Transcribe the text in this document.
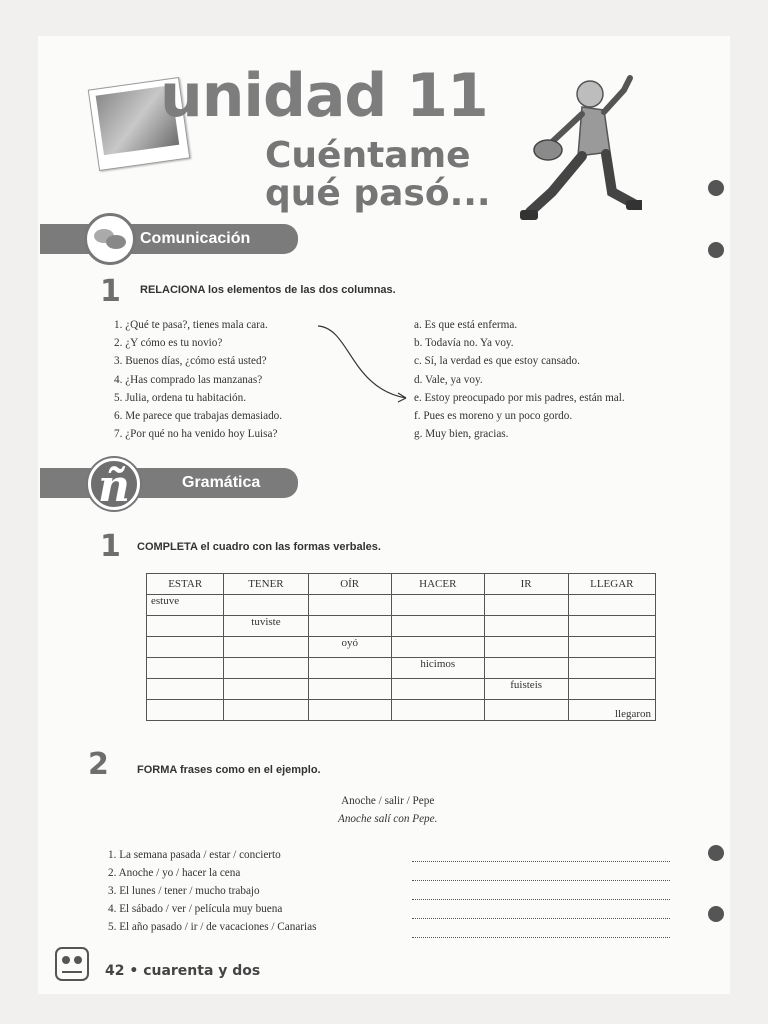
unidad 11
Cuéntame
qué pasó...
Comunicación
1 RELACIONA los elementos de las dos columnas.
1. ¿Qué te pasa?, tienes mala cara.
2. ¿Y cómo es tu novio?
3. Buenos días, ¿cómo está usted?
4. ¿Has comprado las manzanas?
5. Julia, ordena tu habitación.
6. Me parece que trabajas demasiado.
7. ¿Por qué no ha venido hoy Luisa?
a. Es que está enferma.
b. Todavía no. Ya voy.
c. Sí, la verdad es que estoy cansado.
d. Vale, ya voy.
e. Estoy preocupado por mis padres, están mal.
f. Pues es moreno y un poco gordo.
g. Muy bien, gracias.
Gramática
ñ
1 COMPLETA el cuadro con las formas verbales.
ESTAR	TENER	OÍR	HACER	IR	LLEGAR
estuve					
	tuviste				
		oyó			
			hicimos		
				fuisteis	
					llegaron
2	FORMA frases como en el ejemplo.
Anoche / salir / Pepe
Anoche salí con Pepe.
1. La semana pasada / estar / concierto
2. Anoche / yo / hacer la cena
3. El lunes / tener / mucho trabajo
4. El sábado / ver / película muy buena
5. El año pasado / ir / de vacaciones / Canarias
42 • cuarenta y dos
